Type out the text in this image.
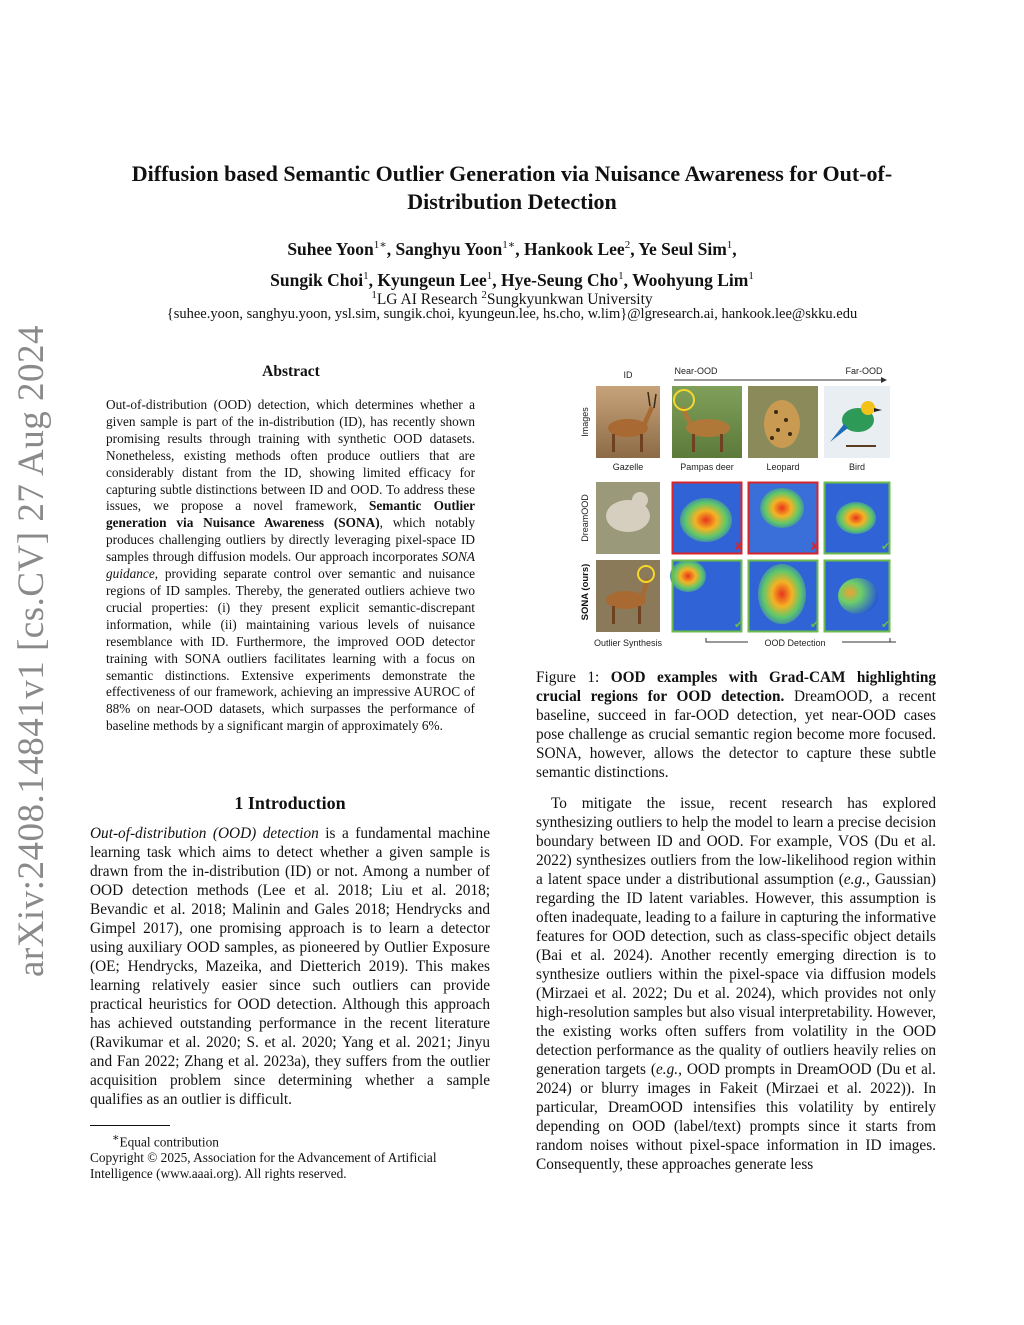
arXiv:2408.14841v1 [cs.CV] 27 Aug 2024
Diffusion based Semantic Outlier Generation via Nuisance Awareness for Out-of-Distribution Detection
Suhee Yoon$^{1∗}$, Sanghyu Yoon$^{1∗}$, Hankook Lee$^2$, Ye Seul Sim$^1$,
Sungik Choi$^1$, Kyungeun Lee$^1$, Hye-Seung Cho$^1$, Woohyung Lim$^1$
$^1$LG AI Research $^2$Sungkyunkwan University
{suhee.yoon, sanghyu.yoon, ysl.sim, sungik.choi, kyungeun.lee, hs.cho, w.lim}@lgresearch.ai, hankook.lee@skku.edu
Abstract
Out-of-distribution (OOD) detection, which determines whether a given sample is part of the in-distribution (ID), has recently shown promising results through training with synthetic OOD datasets. Nonetheless, existing methods often produce outliers that are considerably distant from the ID, showing limited efficacy for capturing subtle distinctions between ID and OOD. To address these issues, we propose a novel framework, Semantic Outlier generation via Nuisance Awareness (SONA), which notably produces challenging outliers by directly leveraging pixel-space ID samples through diffusion models. Our approach incorporates SONA guidance, providing separate control over semantic and nuisance regions of ID samples. Thereby, the generated outliers achieve two crucial properties: (i) they present explicit semantic-discrepant information, while (ii) maintaining various levels of nuisance resemblance with ID. Furthermore, the improved OOD detector training with SONA outliers facilitates learning with a focus on semantic distinctions. Extensive experiments demonstrate the effectiveness of our framework, achieving an impressive AUROC of 88% on near-OOD datasets, which surpasses the performance of baseline methods by a significant margin of approximately 6%.
1 Introduction
Out-of-distribution (OOD) detection is a fundamental machine learning task which aims to detect whether a given sample is drawn from the in-distribution (ID) or not. Among a number of OOD detection methods (Lee et al. 2018; Liu et al. 2018; Bevandic et al. 2018; Malinin and Gales 2018; Hendrycks and Gimpel 2017), one promising approach is to learn a detector using auxiliary OOD samples, as pioneered by Outlier Exposure (OE; Hendrycks, Mazeika, and Dietterich 2019). This makes learning relatively easier since such outliers can provide practical heuristics for OOD detection. Although this approach has achieved outstanding performance in the recent literature (Ravikumar et al. 2020; S. et al. 2020; Yang et al. 2021; Jinyu and Fan 2022; Zhang et al. 2023a), they suffers from the outlier acquisition problem since determining whether a sample qualifies as an outlier is difficult.
∗Equal contribution
Copyright © 2025, Association for the Advancement of Artificial Intelligence (www.aaai.org). All rights reserved.
ID	Near-OOD	Far-OOD
Images
DreamOOD
SONA (ours)
Gazelle	Pampas deer	Leopard	Bird
✘	✘	✔
✔	✔	✔
Outlier Synthesis	OOD Detection
Figure 1: OOD examples with Grad-CAM highlighting crucial regions for OOD detection. DreamOOD, a recent baseline, succeed in far-OOD detection, yet near-OOD cases pose challenge as crucial semantic region become more focused. SONA, however, allows the detector to capture these subtle semantic distinctions.
To mitigate the issue, recent research has explored synthesizing outliers to help the model to learn a precise decision boundary between ID and OOD. For example, VOS (Du et al. 2022) synthesizes outliers from the low-likelihood region within a latent space under a distributional assumption (e.g., Gaussian) regarding the ID latent variables. However, this assumption is often inadequate, leading to a failure in capturing the informative features for OOD detection, such as class-specific object details (Bai et al. 2024). Another recently emerging direction is to synthesize outliers within the pixel-space via diffusion models (Mirzaei et al. 2022; Du et al. 2024), which provides not only high-resolution samples but also visual interpretability. However, the existing works often suffers from volatility in the OOD detection performance as the quality of outliers heavily relies on generation targets (e.g., OOD prompts in DreamOOD (Du et al. 2024) or blurry images in Fakeit (Mirzaei et al. 2022)). In particular, DreamOOD intensifies this volatility by entirely depending on OOD (label/text) prompts since it starts from random noises without pixel-space information in ID images. Consequently, these approaches generate less
